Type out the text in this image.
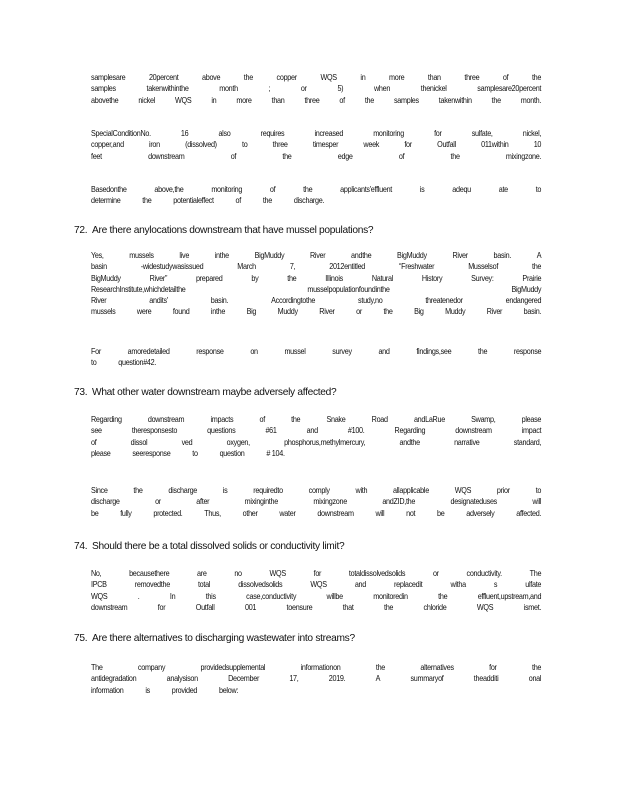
samplesare	20percent	above	the	copper	WQS	in	more	than	three	of	the
samples	takenwithinthe	month	;	or	5)	when	thenickel	samplesare20percent
abovethe nickel WQS in more than three of the samples takenwithin the month.
SpecialConditionNo.	16	also	requires	increased	monitoring	for	sulfate,	nickel,
copper,and	iron	(dissolved)	to	three	timesper	week	for	Outfall	011within	10
feet	downstream	of	the	edge	of	the	mixingzone.
Basedonthe	above,the	monitoring	of	the	applicants'effluent	is	adequ	ate	to
determine	the	potentialeffect	of	the	discharge.
72. Are there anylocations downstream that have mussel populations?
Yes,	mussels	live	inthe	BigMuddy	River	andthe	BigMuddy	River	basin.	A
basin	-widestudywasissued	March	7,	2012entitled	“Freshwater	Musselsof	the
BigMuddy	River”	prepared	by	the	Illinois	Natural	History	Survey:	Prairie
ResearchInstitute,whichdetailthe	musselpopulationfoundinthe	BigMuddy
River	andits'	basin.	Accordingtothe	study,no	threatenedor	endangered
mussels were found inthe Big Muddy River or the Big Muddy River basin.
For	amoredetailed	response	on	mussel	survey	and	findings,see	the	response
to	question#42.
73. What other water downstream maybe adversely affected?
Regarding	downstream	impacts	of	the	Snake	Road	andLaRue	Swamp,	please
see	theresponsesto	questions	#61	and	#100.	Regarding	downstream	impact
of	dissol	ved	oxygen,	phosphorus,methylmercury,	andthe	narrative	standard,
please	seeresponse	to	question	# 104.
Since	the	discharge	is	requiredto	comply	with	allapplicable	WQS	prior	to
discharge	or	after	mixinginthe	mixingzone	andZID,the	designateduses	will
be	fully	protected.	Thus,	other	water	downstream	will	not	be	adversely	affected.
74. Should there be a total dissolved solids or conductivity limit?
No,	becausethere	are	no	WQS	for	totaldissolvedsolids	or	conductivity.	The
IPCB	removedthe	total	dissolvedsolids	WQS	and	replacedit	witha	s	ulfate
WQS	.	In	this	case,conductivity	willbe	monitoredin	the	effluent,upstream,and
downstream	for	Outfall	001	toensure	that	the	chloride	WQS	ismet.
75. Are there alternatives to discharging wastewater into streams?
The	company	providedsupplemental	informationon	the	alternatives	for	the
antidegradation	analysison	December	17,	2019.	A	summaryof	theadditi	onal
information	is	provided	below:
